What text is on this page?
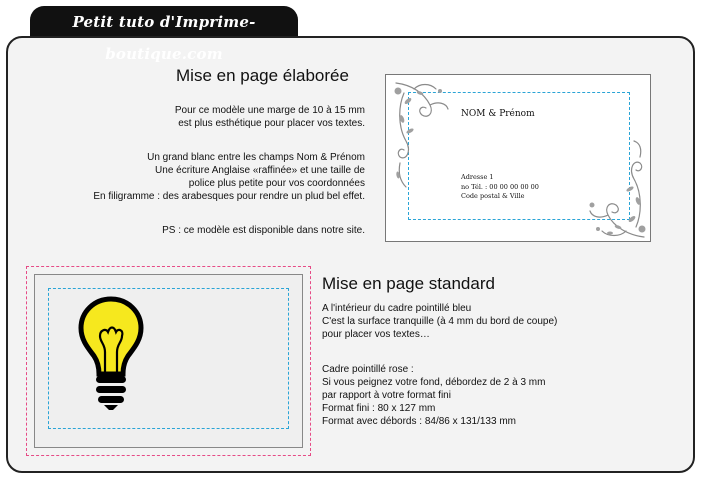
Petit tuto d'Imprime-boutique.com
Mise en page élaborée

Pour ce modèle une marge de 10 à 15 mm

est plus esthétique pour placer vos textes.

Un grand blanc entre les champs Nom & Prénom

Une écriture Anglaise «raffinée» et une taille de

police plus petite pour vos coordonnées

En filigramme : des arabesques pour rendre un plud bel effet.

PS : ce modèle est disponible dans notre site.

NOM & Prénom

Adresse 1

no Tél. : 00 00 00 00 00

Code postal & Ville

Mise en page standard

A l'intérieur du cadre pointillé bleu

C'est la surface tranquille (à 4 mm du bord de coupe)

pour placer vos textes…

Cadre pointillé rose :

Si vous peignez votre fond, débordez de 2 à 3 mm

par rapport à votre format fini

Format fini : 80 x 127 mm

Format avec débords : 84/86 x 131/133 mm
